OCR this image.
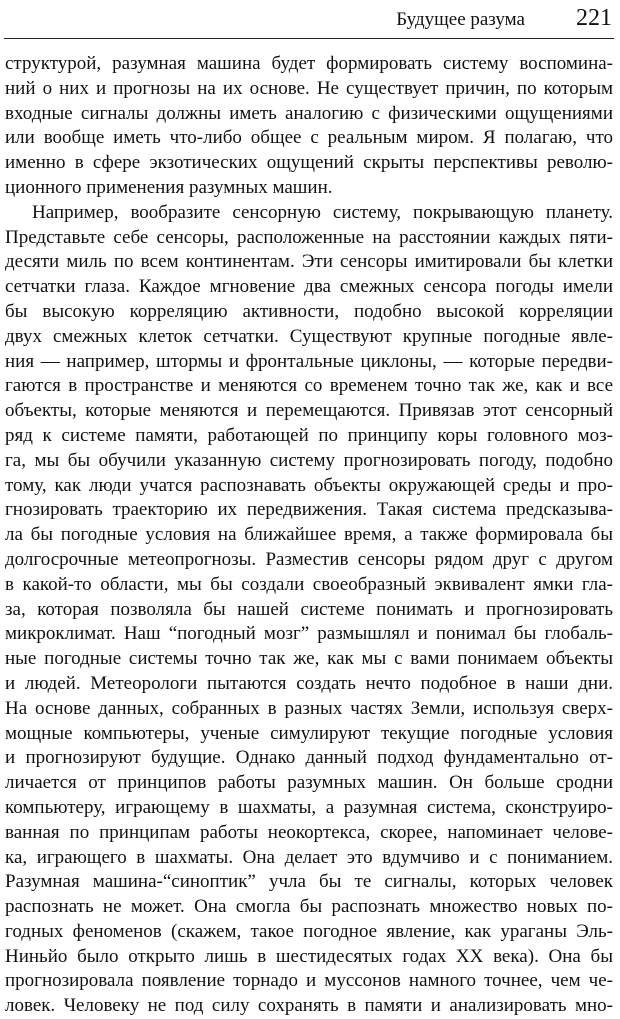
Будущее разума 221
структурой, разумная машина будет формировать систему воспомина-
ний о них и прогнозы на их основе. Не существует причин, по которым
входные сигналы должны иметь аналогию с физическими ощущениями
или вообще иметь что-либо общее с реальным миром. Я полагаю, что
именно в сфере экзотических ощущений скрыты перспективы револю-
ционного применения разумных машин.
Например, вообразите сенсорную систему, покрывающую планету.
Представьте себе сенсоры, расположенные на расстоянии каждых пяти-
десяти миль по всем континентам. Эти сенсоры имитировали бы клетки
сетчатки глаза. Каждое мгновение два смежных сенсора погоды имели
бы высокую корреляцию активности, подобно высокой корреляции
двух смежных клеток сетчатки. Существуют крупные погодные явле-
ния — например, штормы и фронтальные циклоны, — которые передви-
гаются в пространстве и меняются со временем точно так же, как и все
объекты, которые меняются и перемещаются. Привязав этот сенсорный
ряд к системе памяти, работающей по принципу коры головного моз-
га, мы бы обучили указанную систему прогнозировать погоду, подобно
тому, как люди учатся распознавать объекты окружающей среды и про-
гнозировать траекторию их передвижения. Такая система предсказыва-
ла бы погодные условия на ближайшее время, а также формировала бы
долгосрочные метеопрогнозы. Разместив сенсоры рядом друг с другом
в какой-то области, мы бы создали своеобразный эквивалент ямки гла-
за, которая позволяла бы нашей системе понимать и прогнозировать
микроклимат. Наш “погодный мозг” размышлял и понимал бы глобаль-
ные погодные системы точно так же, как мы с вами понимаем объекты
и людей. Метеорологи пытаются создать нечто подобное в наши дни.
На основе данных, собранных в разных частях Земли, используя сверх-
мощные компьютеры, ученые симулируют текущие погодные условия
и прогнозируют будущие. Однако данный подход фундаментально от-
личается от принципов работы разумных машин. Он больше сродни
компьютеру, играющему в шахматы, а разумная система, сконструиро-
ванная по принципам работы неокортекса, скорее, напоминает челове-
ка, играющего в шахматы. Она делает это вдумчиво и с пониманием.
Разумная машина-“синоптик” учла бы те сигналы, которых человек
распознать не может. Она смогла бы распознать множество новых по-
годных феноменов (скажем, такое погодное явление, как ураганы Эль-
Ниньйо было открыто лишь в шестидесятых годах XX века). Она бы
прогнозировала появление торнадо и муссонов намного точнее, чем че-
ловек. Человеку не под силу сохранять в памяти и анализировать мно-
